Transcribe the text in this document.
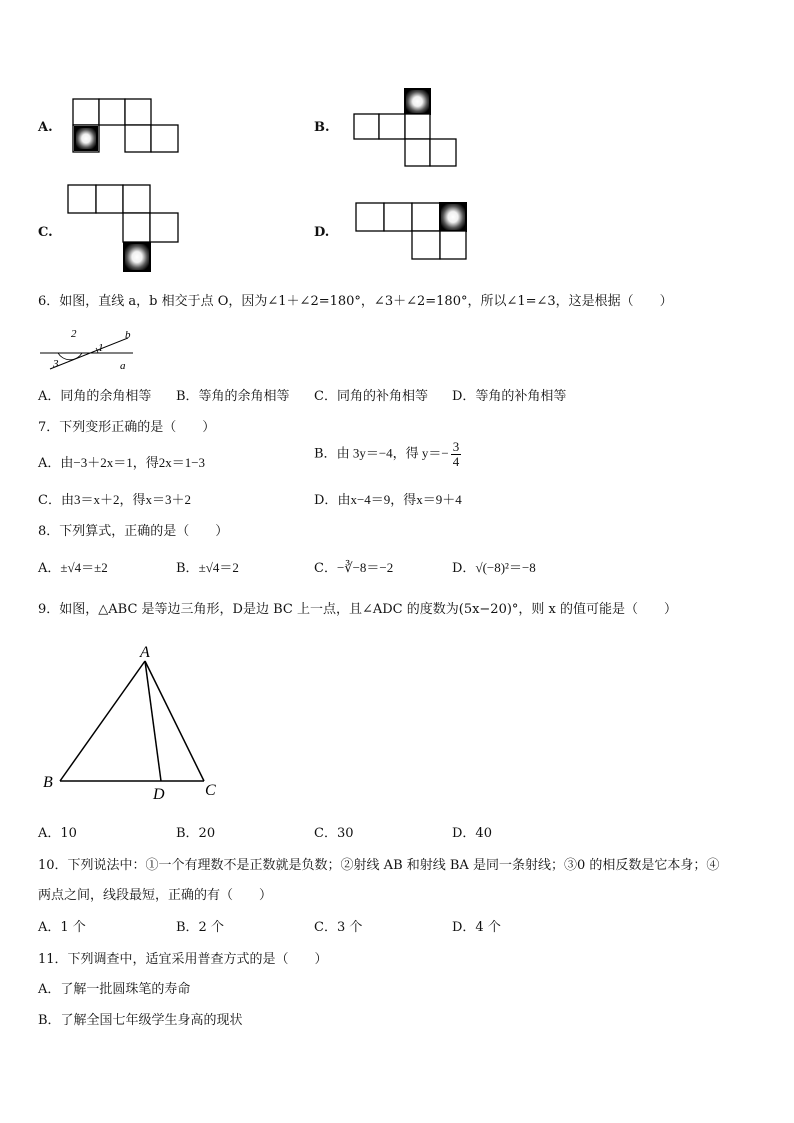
A.	B.
C.	D.
6．如图，直线 a，b 相交于点 O，因为∠1＋∠2=180°，∠3＋∠2=180°，所以∠1=∠3，这是根据（　　）
2
1
3
b
a
A．同角的余角相等 B．等角的余角相等 C．同角的补角相等 D．等角的补角相等
7．下列变形正确的是（　　）
A．由−3＋2x＝1，得2x＝1−3
B．由 3y＝−4，得 $y=- \frac{3}{4}$
C．由3＝x＋2，得x＝3＋2	D．由x−4＝9，得x＝9＋4
8．下列算式，正确的是（　　）
A．±√4＝±2	B．±√4＝2	C．−∛−8＝−2	D．√(−8)²＝−8
9．如图，△ABC 是等边三角形，D是边 BC 上一点，且∠ADC 的度数为(5x−20)°，则 x 的值可能是（　　）
A
B
D	C
A．10	B．20	C．30	D．40
10．下列说法中：①一个有理数不是正数就是负数；②射线 AB 和射线 BA 是同一条射线；③0 的相反数是它本身；④
两点之间，线段最短，正确的有（　　）
A．1 个	B．2 个	C．3 个	D．4 个
11．下列调查中，适宜采用普查方式的是（　　）
A．了解一批圆珠笔的寿命
B．了解全国七年级学生身高的现状
